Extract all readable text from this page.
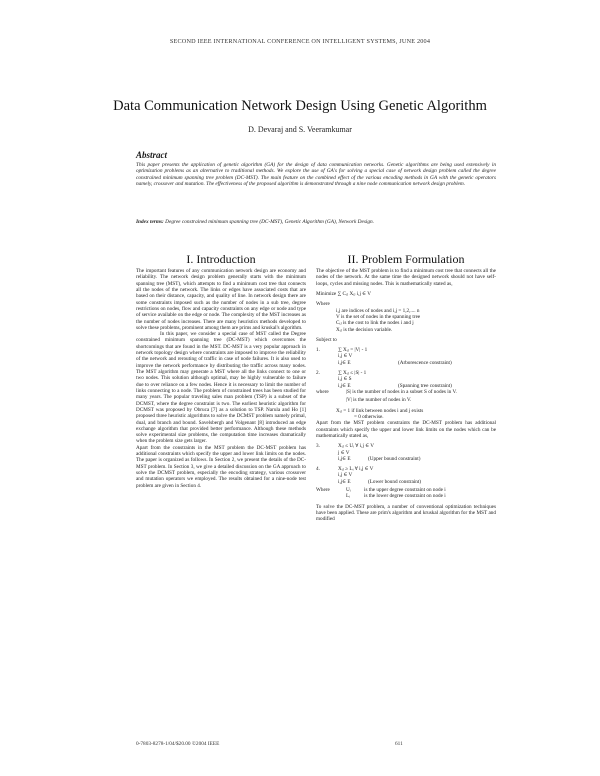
SECOND IEEE INTERNATIONAL CONFERENCE ON INTELLIGENT SYSTEMS, JUNE 2004
Data Communication Network Design Using Genetic Algorithm
D. Devaraj and S. Veeramkumar
Abstract
This paper presents the application of genetic algorithm (GA) for the design of data communication networks. Genetic algorithms are being used extensively in optimization problems as an alternative to traditional methods. We explore the use of GA's for solving a special case of network design problem called the degree constrained minimum spanning tree problem (DC-MST). The main feature on the combined effect of the various encoding methods in GA with the genetic operators namely, crossover and mutation. The effectiveness of the proposed algorithm is demonstrated through a nine node communication network design problem.
Index terms: Degree constrained minimum spanning tree (DC-MST), Genetic Algorithm (GA), Network Design.
I. Introduction

The important features of any communication network design are economy and reliability. The network design problem generally starts with the minimum spanning tree (MST), which attempts to find a minimum cost tree that connects all the nodes of the network. The links or edges have associated costs that are based on their distance, capacity, and quality of line. In network design there are some constraints imposed such as the number of nodes in a sub tree, degree restrictions on nodes, flow and capacity constraints on any edge or node and type of service available on the edge or node. The complexity of the MST increases as the number of nodes increases. There are many heuristics methods developed to solve these problems, prominent among them are prims and kruskal's algorithm.

In this paper, we consider a special case of MST called the Degree constrained minimum spanning tree (DC-MST) which overcomes the shortcomings that are found in the MST. DC-MST is a very popular approach in network topology design where constraints are imposed to improve the reliability of the network and rerouting of traffic in case of node failures. It is also used to improve the network performance by distributing the traffic across many nodes. The MST algorithm may generate a MST where all the links connect to one or two nodes. This solution although optimal, may be highly vulnerable to failure due to over reliance on a few nodes. Hence it is necessary to limit the number of links connecting to a node. The problem of constrained trees has been studied for many years. The popular traveling sales man problem (TSP) is a subset of the DCMST, where the degree constraint is two. The earliest heuristic algorithm for DCMST was proposed by Obruca [7] as a solution to TSP. Narula and Ho [1] proposed three heuristic algorithms to solve the DCMST problem namely primal, dual, and branch and bound. Savelsbergh and Volgenant [8] introduced an edge exchange algorithm that provided better performance. Although these methods solve experimental size problems, the computation time increases dramatically when the problem size gets larger.

Apart from the constraints in the MST problem the DC-MST problem has additional constraints which specify the upper and lower link limits on the nodes. The paper is organized as follows. In Section 2, we present the details of the DC-MST problem. In Section 3, we give a detailed discussion on the GA approach to solve the DCMST problem, especially the encoding strategy, various crossover and mutation operators we employed. The results obtained for a nine-node test problem are given in Section 4.

II. Problem Formulation

The objective of the MST problem is to find a minimum cost tree that connects all the nodes of the network. At the same time the designed network should not have self-loops, cycles and missing nodes. This is mathematically stated as,

Minimize ∑ Cᵢⱼ Xᵢⱼ i,j ∈ V
Where
i,j are indices of nodes and i,j = 1,2,.... n
V is the set of nodes in the spanning tree
Cᵢⱼ is the cost to link the nodes i and j
Xᵢⱼ is the decision variable.
Subject to
1.	∑ Xᵢⱼ = |V| - 1
i,j ∈ V
i,j∈ E	(Arborescence constraint)
2.	∑ Xᵢⱼ ≤ |S| - 1
i,j ∈ S
i,j∈ E	(Spanning tree constraint)
where	|S| is the number of nodes in a subset S of nodes in V.
|V| is the number of nodes in V.
Xᵢⱼ = 1 if link between nodes i and j exists
= 0 otherwise.

Apart from the MST problem constraints the DC-MST problem has additional constraints which specify the upper and lower link limits on the nodes which can be mathematically stated as,

3.	Xᵢⱼ ≤ Uᵢ ∀ i,j ∈ V
j ∈ V
i,j∈ E	(Upper bound constraint)
4.	Xᵢⱼ ≥ Lᵢ ∀ i,j ∈ V
i,j ∈ V
i,j∈ E	(Lower bound constraint)
Where	Uᵢ	is the upper degree constraint on node i
Lᵢ	is the lower degree constraint on node i

To solve the DC-MST problem, a number of conventional optimization techniques have been applied. These are prim's algorithm and kruskal algorithm for the MST and modified

0-7803-8278-1/04/$20.00 ©2004 IEEE	611
